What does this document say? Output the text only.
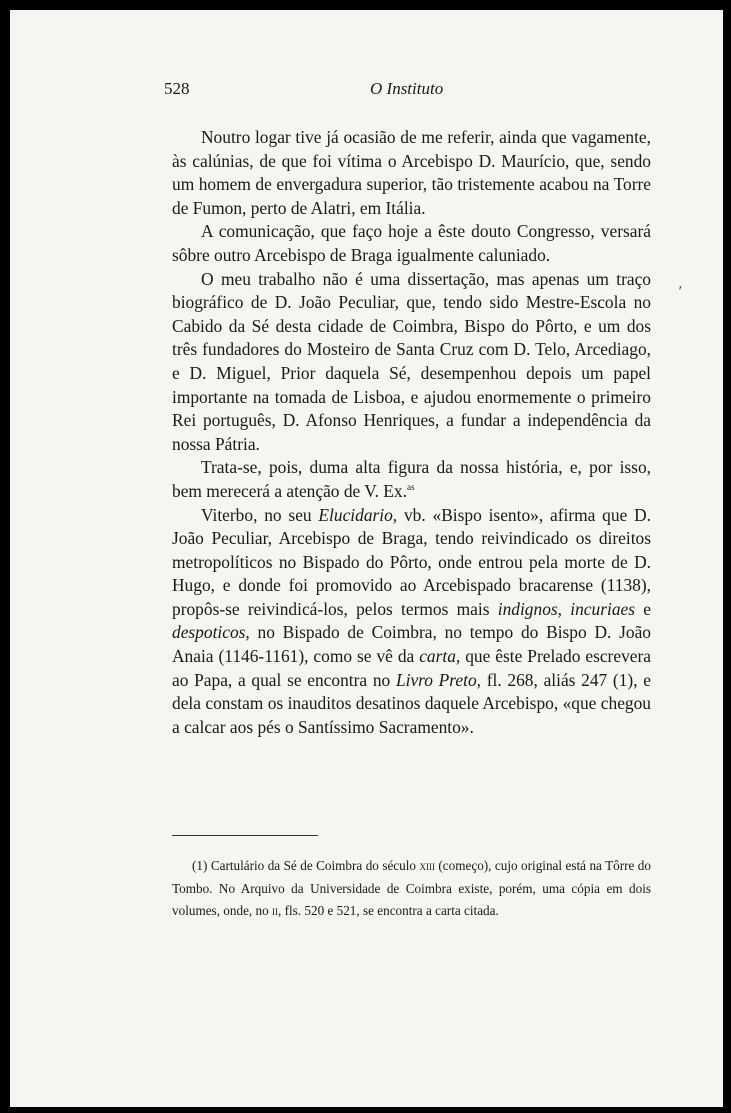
528	O Instituto

Noutro logar tive já ocasião de me referir, ainda que vagamente, às calúnias, de que foi vítima o Arcebispo D. Maurício, que, sendo um homem de envergadura superior, tão tristemente acabou na Torre de Fumon, perto de Alatri, em Itália.

A comunicação, que faço hoje a êste douto Congresso, versará sôbre outro Arcebispo de Braga igualmente caluniado.

O meu trabalho não é uma dissertação, mas apenas um traço biográfico de D. João Peculiar, que, tendo sido Mestre-Escola no Cabido da Sé desta cidade de Coimbra, Bispo do Pôrto, e um dos três fundadores do Mosteiro de Santa Cruz com D. Telo, Arcediago, e D. Miguel, Prior daquela Sé, desempenhou depois um papel importante na tomada de Lisboa, e ajudou enormemente o primeiro Rei português, D. Afonso Henriques, a fundar a independência da nossa Pátria.

Trata-se, pois, duma alta figura da nossa história, e, por isso, bem merecerá a atenção de V. Ex.$^{as}$

Viterbo, no seu Elucidario, vb. «Bispo isento», afirma que D. João Peculiar, Arcebispo de Braga, tendo reivindicado os direitos metropolíticos no Bispado do Pôrto, onde entrou pela morte de D. Hugo, e donde foi promovido ao Arcebispado bracarense (1138), propôs-se reivindicá-los, pelos termos mais indignos, incuriaes e despoticos, no Bispado de Coimbra, no tempo do Bispo D. João Anaia (1146-1161), como se vê da carta, que êste Prelado escrevera ao Papa, a qual se encontra no Livro Preto, fl. 268, aliás 247 (1), e dela constam os inauditos desatinos daquele Arcebispo, «que chegou a calcar aos pés o Santíssimo Sacramento».

(1) Cartulário da Sé de Coimbra do século xiii (começo), cujo original está na Tôrre do Tombo. No Arquivo da Universidade de Coimbra existe, porém, uma cópia em dois volumes, onde, no ii, fls. 520 e 521, se encontra a carta citada.

‚
